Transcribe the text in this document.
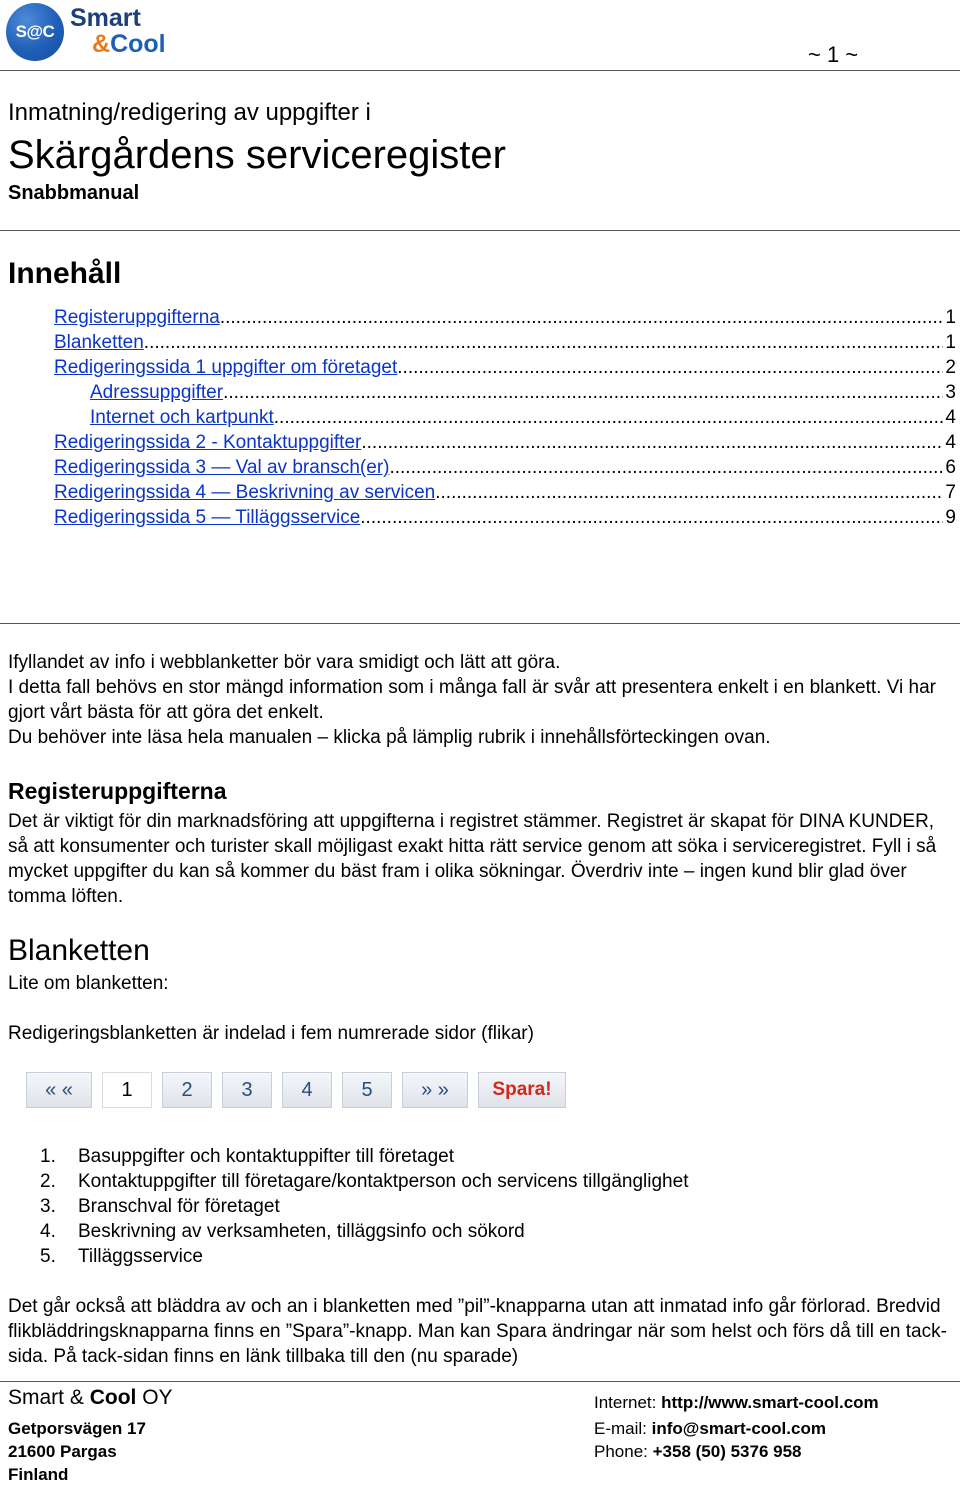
S@C Smart
&Cool	~ 1 ~
Inmatning/redigering av uppgifter i
Skärgårdens serviceregister
Snabbmanual
Innehåll
Registeruppgifterna .....	1
Blanketten .....	1
Redigeringssida 1 uppgifter om företaget .....	2
Adressuppgifter .....	3
Internet och kartpunkt .....	4
Redigeringssida 2 - Kontaktuppgifter .....	4
Redigeringssida 3 — Val av bransch(er) .....	6
Redigeringssida 4 — Beskrivning av servicen .....	7
Redigeringssida 5 — Tilläggsservice .....	9

Ifyllandet av info i webblanketter bör vara smidigt och lätt att göra.

I detta fall behövs en stor mängd information som i många fall är svår att presentera enkelt i en blankett. Vi har gjort vårt bästa för att göra det enkelt.

Du behöver inte läsa hela manualen – klicka på lämplig rubrik i innehållsförteckingen ovan.

Registeruppgifterna
Det är viktigt för din marknadsföring att uppgifterna i registret stämmer. Registret är skapat för DINA KUNDER, så att konsumenter och turister skall möjligast exakt hitta rätt service genom att söka i serviceregistret. Fyll i så mycket uppgifter du kan så kommer du bäst fram i olika sökningar. Överdriv inte – ingen kund blir glad över tomma löften.
Blanketten
Lite om blanketten:
Redigeringsblanketten är indelad i fem numrerade sidor (flikar)
« «	1	2	3	4	5	» »	Spara!
1.	Basuppgifter och kontaktuppifter till företaget
2.	Kontaktuppgifter till företagare/kontaktperson och servicens tillgänglighet
3.	Branschval för företaget
4.	Beskrivning av verksamheten, tilläggsinfo och sökord
5.	Tilläggsservice
Det går också att bläddra av och an i blanketten med ”pil”-knapparna utan att inmatad info går förlorad. Bredvid flikbläddringsknapparna finns en ”Spara”-knapp. Man kan Spara ändringar när som helst och förs då till en tack-sida. På tack-sidan finns en länk tillbaka till den (nu sparade)
Smart & Cool OY
Getporsvägen 17
21600 Pargas
Finland
Internet: http://www.smart-cool.com
E-mail: info@smart-cool.com
Phone: +358 (50) 5376 958
